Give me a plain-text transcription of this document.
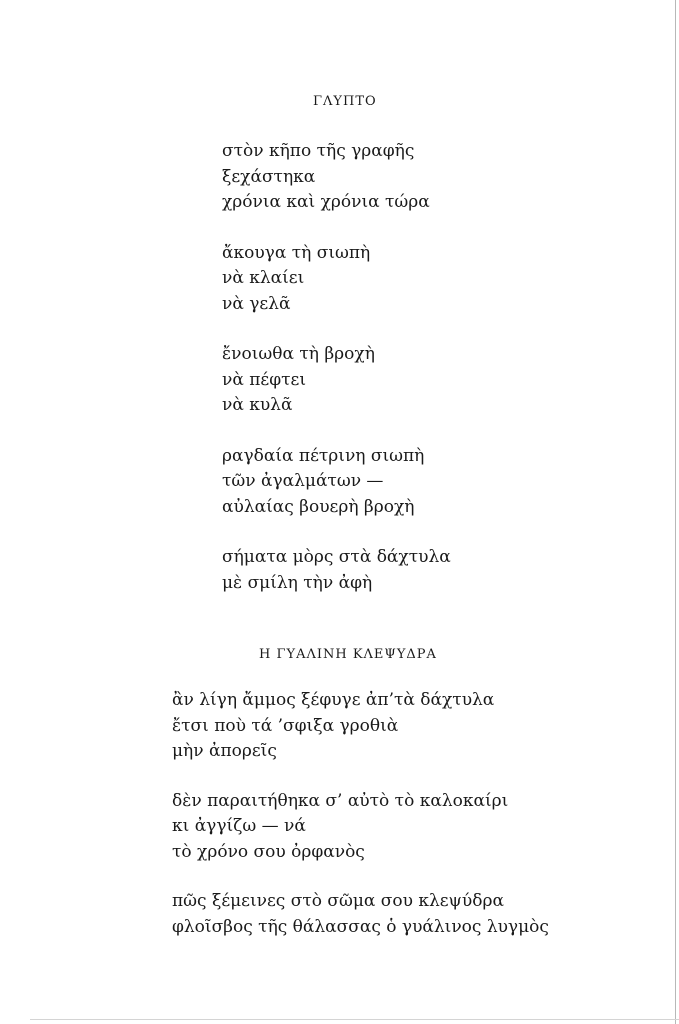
ΓΛΥΠΤΟ
στὸν κῆπο τῆς γραφῆς
ξεχάστηκα
χρόνια καὶ χρόνια τώρα
ἄκουγα τὴ σιωπὴ
νὰ κλαίει
νὰ γελᾶ
ἔνοιωθα τὴ βροχὴ
νὰ πέφτει
νὰ κυλᾶ
ραγδαία πέτρινη σιωπὴ
τῶν ἀγαλμάτων —
αὐλαίας βουερὴ βροχὴ
σήματα μὸρς στὰ δάχτυλα
μὲ σμίλη τὴν ἀφὴ
Η ΓΥΑΛΙΝΗ ΚΛΕΨΥΔΡΑ
ἂν λίγη ἄμμος ξέφυγε ἀπ’τὰ δάχτυλα
ἔτσι ποὺ τά ’σφιξα γροθιὰ
μὴν ἀπορεῖς
δὲν παραιτήθηκα σ’ αὐτὸ τὸ καλοκαίρι
κι ἀγγίζω — νά
τὸ χρόνο σου ὀρφανὸς
πῶς ξέμεινες στὸ σῶμα σου κλεψύδρα
φλοῖσβος τῆς θάλασσας ὁ γυάλινος λυγμὸς
